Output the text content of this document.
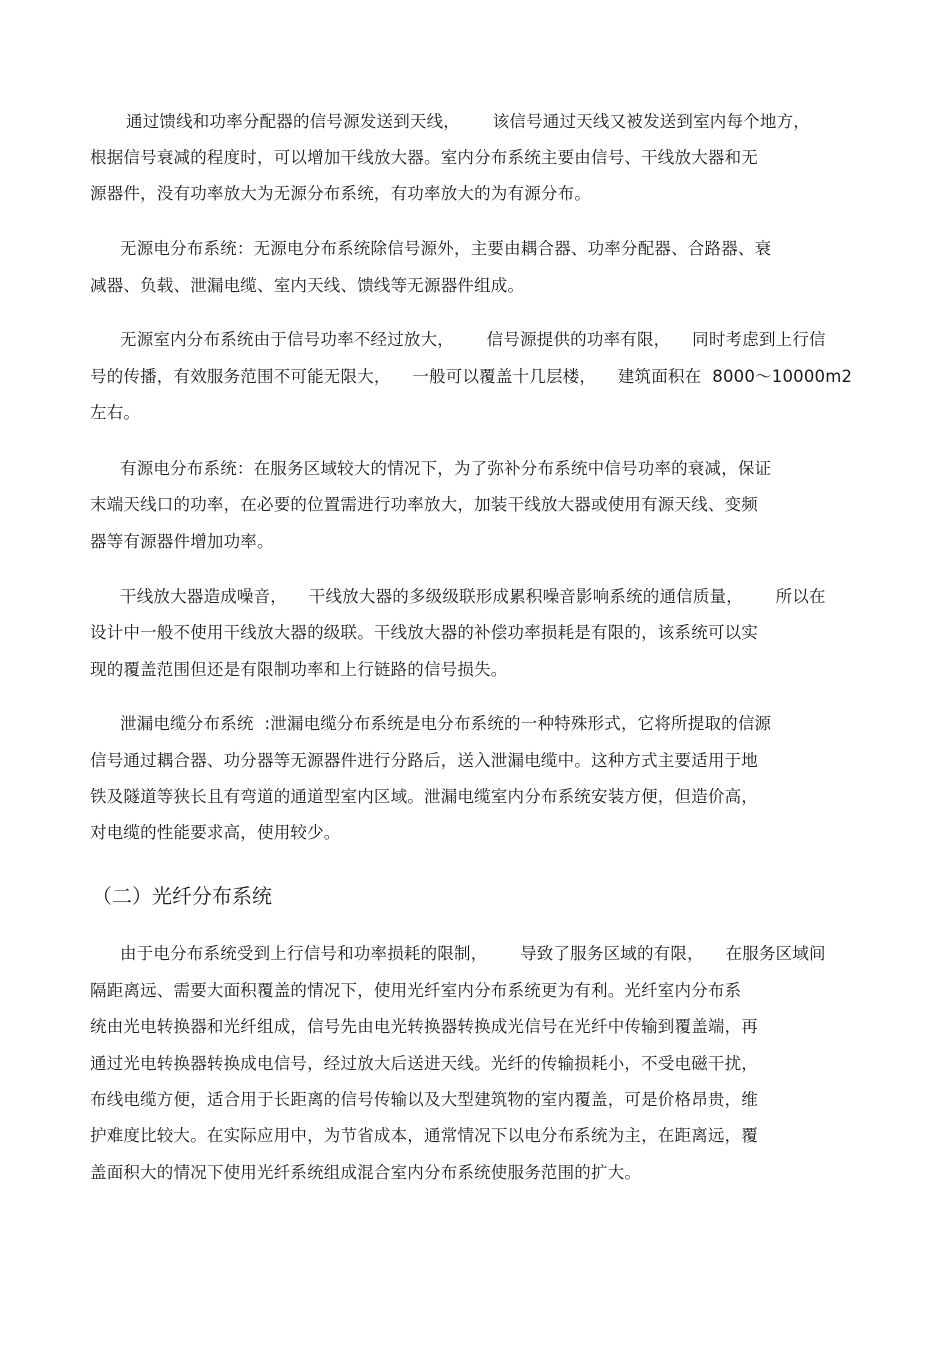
通过馈线和功率分配器的信号源发送到天线，      该信号通过天线又被发送到室内每个地方，
根据信号衰减的程度时，可以增加干线放大器。室内分布系统主要由信号、干线放大器和无
源器件，没有功率放大为无源分布系统，有功率放大的为有源分布。
无源电分布系统：无源电分布系统除信号源外，主要由耦合器、功率分配器、合路器、衰
减器、负载、泄漏电缆、室内天线、馈线等无源器件组成。
无源室内分布系统由于信号功率不经过放大，      信号源提供的功率有限，    同时考虑到上行信
号的传播，有效服务范围不可能无限大，    一般可以覆盖十几层楼，    建筑面积在  8000～10000m2
左右。
有源电分布系统：在服务区域较大的情况下，为了弥补分布系统中信号功率的衰减，保证
末端天线口的功率，在必要的位置需进行功率放大，加装干线放大器或使用有源天线、变频
器等有源器件增加功率。
干线放大器造成噪音，    干线放大器的多级级联形成累积噪音影响系统的通信质量，      所以在
设计中一般不使用干线放大器的级联。干线放大器的补偿功率损耗是有限的，该系统可以实
现的覆盖范围但还是有限制功率和上行链路的信号损失。
泄漏电缆分布系统  :泄漏电缆分布系统是电分布系统的一种特殊形式，它将所提取的信源
信号通过耦合器、功分器等无源器件进行分路后，送入泄漏电缆中。这种方式主要适用于地
铁及隧道等狭长且有弯道的通道型室内区域。泄漏电缆室内分布系统安装方便，但造价高，
对电缆的性能要求高，使用较少。
（二）光纤分布系统
由于电分布系统受到上行信号和功率损耗的限制，      导致了服务区域的有限，    在服务区域间
隔距离远、需要大面积覆盖的情况下，使用光纤室内分布系统更为有利。光纤室内分布系
统由光电转换器和光纤组成，信号先由电光转换器转换成光信号在光纤中传输到覆盖端，再
通过光电转换器转换成电信号，经过放大后送进天线。光纤的传输损耗小，不受电磁干扰，
布线电缆方便，适合用于长距离的信号传输以及大型建筑物的室内覆盖，可是价格昂贵，维
护难度比较大。在实际应用中，为节省成本，通常情况下以电分布系统为主，在距离远，覆
盖面积大的情况下使用光纤系统组成混合室内分布系统使服务范围的扩大。
